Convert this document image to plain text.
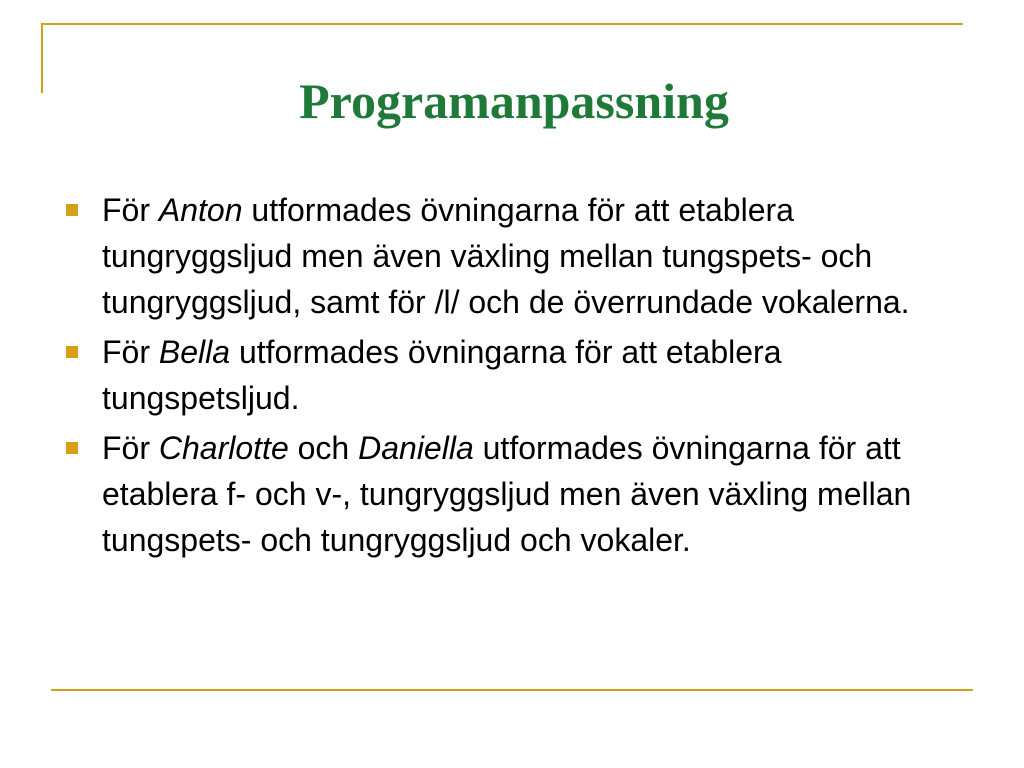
Programanpassning
För Anton utformades övningarna för att etablera tungryggsljud men även växling mellan tungspets- och tungryggsljud, samt för /l/ och de överrundade vokalerna.
För Bella utformades övningarna för att etablera tungspetsljud.
För Charlotte och Daniella utformades övningarna för att etablera f- och v-, tungryggsljud men även växling mellan tungspets- och tungryggsljud och vokaler.
